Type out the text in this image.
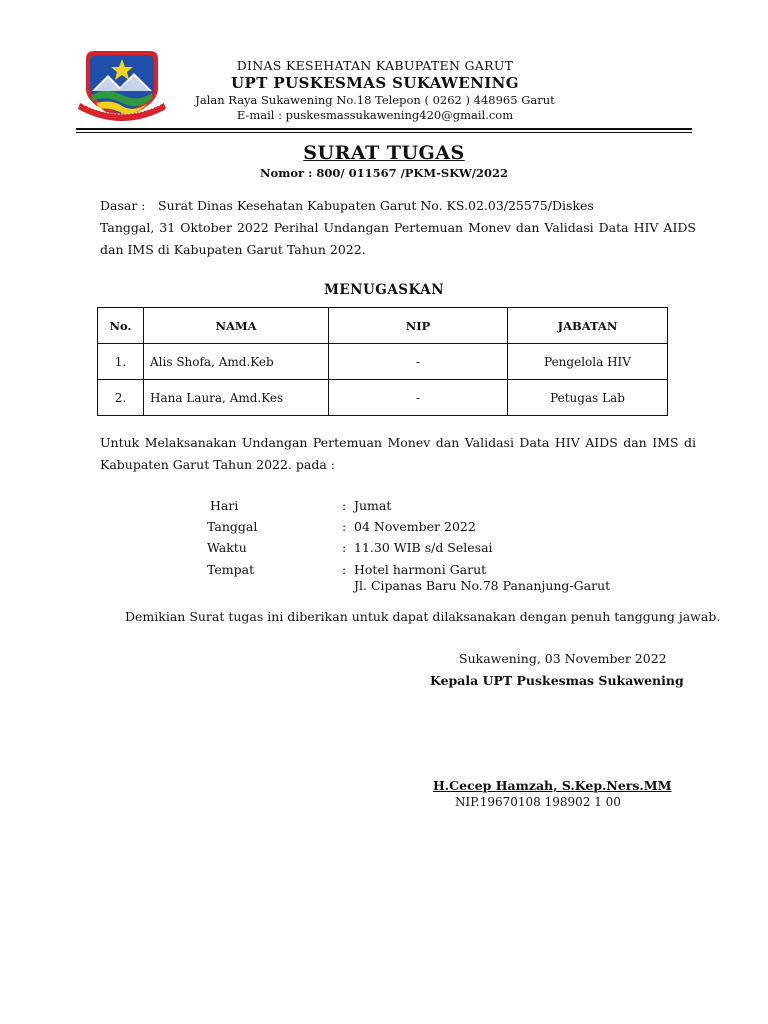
DINAS KESEHATAN KABUPATEN GARUT
UPT PUSKESMAS SUKAWENING
Jalan Raya Sukawening No.18 Telepon ( 0262 ) 448965 Garut
E-mail : puskesmassukawening420@gmail.com
SURAT TUGAS
Nomor : 800/ 011567 /PKM-SKW/2022
Dasar : Surat Dinas Kesehatan Kabupaten Garut No. KS.02.03/25575/Diskes
Tanggal, 31 Oktober 2022 Perihal Undangan Pertemuan Monev dan Validasi Data HIV AIDS
dan IMS di Kabupaten Garut Tahun 2022.
MENUGASKAN
No.	NAMA	NIP	JABATAN
1.	Alis Shofa, Amd.Keb	-	Pengelola HIV
2.	Hana Laura, Amd.Kes	-	Petugas Lab
Untuk Melaksanakan Undangan Pertemuan Monev dan Validasi Data HIV AIDS dan IMS di
Kabupaten Garut Tahun 2022. pada :
Hari	: Jumat
Tanggal	: 04 November 2022
Waktu	: 11.30 WIB s/d Selesai
Tempat	: Hotel harmoni Garut
Jl. Cipanas Baru No.78 Pananjung-Garut
Demikian Surat tugas ini diberikan untuk dapat dilaksanakan dengan penuh tanggung jawab.
Sukawening, 03 November 2022
Kepala UPT Puskesmas Sukawening
H.Cecep Hamzah, S.Kep.Ners.MM
NIP.19670108 198902 1 00
